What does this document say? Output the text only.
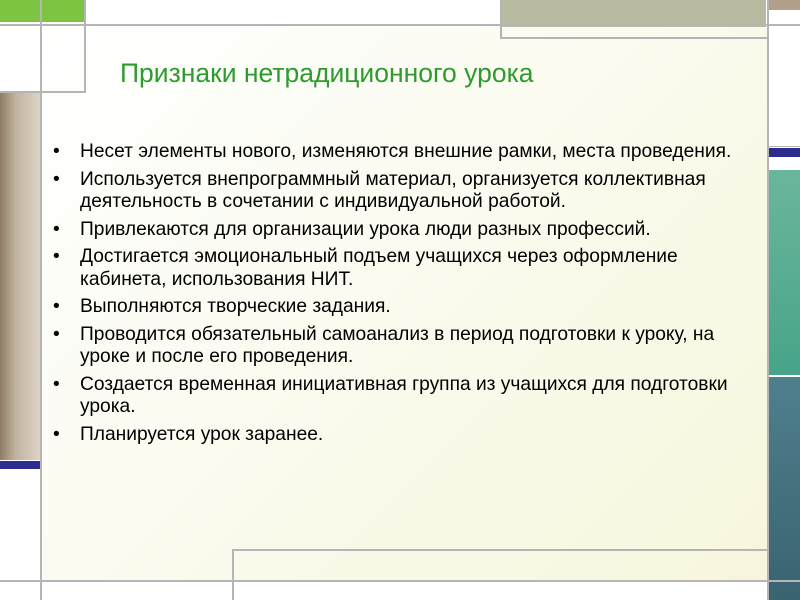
Признаки нетрадиционного урока
• Несет элементы нового, изменяются внешние рамки, места проведения.
• Используется внепрограммный материал, организуется коллективная деятельность в сочетании с индивидуальной работой.
• Привлекаются для организации урока люди разных профессий.
• Достигается эмоциональный подъем учащихся через оформление кабинета, использования НИТ.
• Выполняются творческие задания.
• Проводится обязательный самоанализ в период подготовки к уроку, на уроке и после его проведения.
• Создается временная инициативная группа из учащихся для подготовки урока.
• Планируется урок заранее.
